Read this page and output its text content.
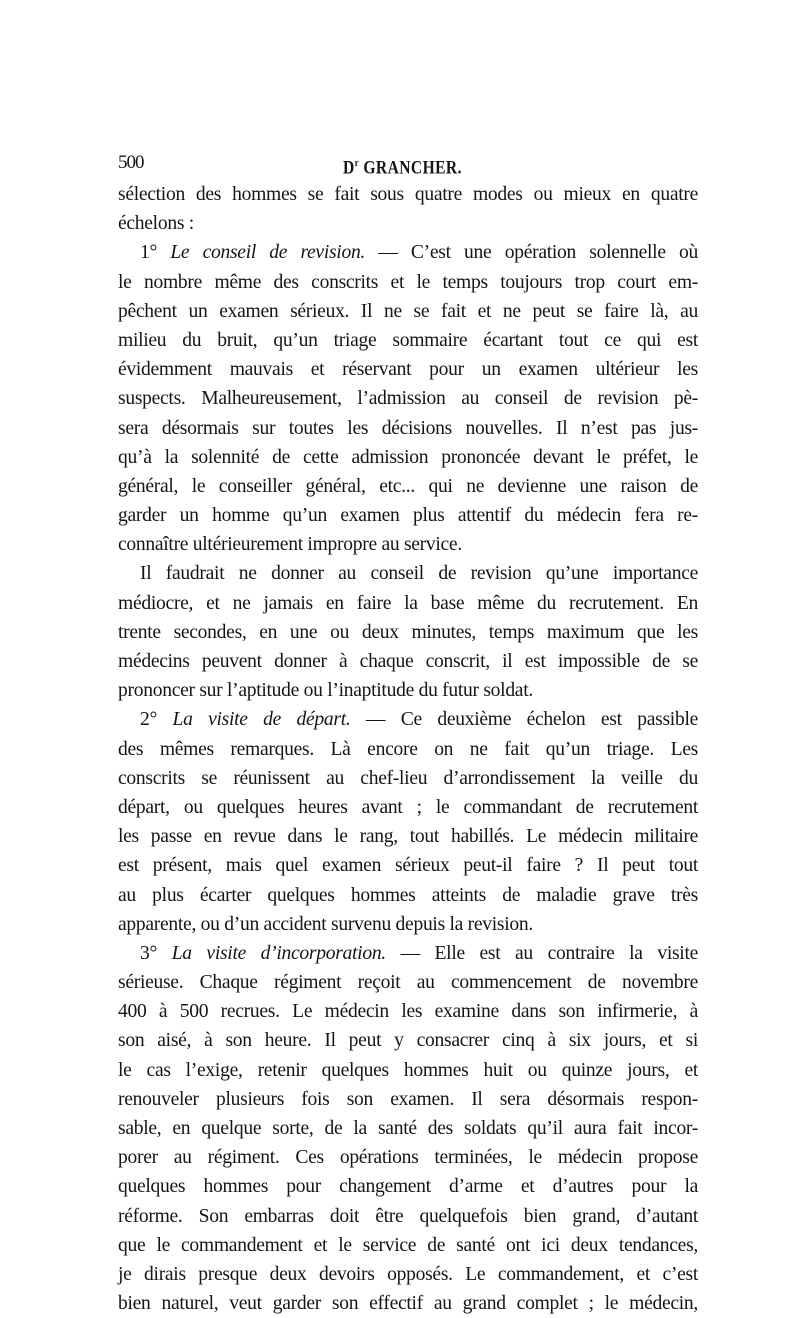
500	$D^r$ GRANCHER.
sélection des hommes se fait sous quatre modes ou mieux en quatre
échelons :
1° Le conseil de revision. — C’est une opération solennelle où
le nombre même des conscrits et le temps toujours trop court em-
pêchent un examen sérieux. Il ne se fait et ne peut se faire là, au
milieu du bruit, qu’un triage sommaire écartant tout ce qui est
évidemment mauvais et réservant pour un examen ultérieur les
suspects. Malheureusement, l’admission au conseil de revision pè-
sera désormais sur toutes les décisions nouvelles. Il n’est pas jus-
qu’à la solennité de cette admission prononcée devant le préfet, le
général, le conseiller général, etc... qui ne devienne une raison de
garder un homme qu’un examen plus attentif du médecin fera re-
connaître ultérieurement impropre au service.
Il faudrait ne donner au conseil de revision qu’une importance
médiocre, et ne jamais en faire la base même du recrutement. En
trente secondes, en une ou deux minutes, temps maximum que les
médecins peuvent donner à chaque conscrit, il est impossible de se
prononcer sur l’aptitude ou l’inaptitude du futur soldat.
2° La visite de départ. — Ce deuxième échelon est passible
des mêmes remarques. Là encore on ne fait qu’un triage. Les
conscrits se réunissent au chef-lieu d’arrondissement la veille du
départ, ou quelques heures avant ; le commandant de recrutement
les passe en revue dans le rang, tout habillés. Le médecin militaire
est présent, mais quel examen sérieux peut-il faire ? Il peut tout
au plus écarter quelques hommes atteints de maladie grave très
apparente, ou d’un accident survenu depuis la revision.
3° La visite d’incorporation. — Elle est au contraire la visite
sérieuse. Chaque régiment reçoit au commencement de novembre
400 à 500 recrues. Le médecin les examine dans son infirmerie, à
son aisé, à son heure. Il peut y consacrer cinq à six jours, et si
le cas l’exige, retenir quelques hommes huit ou quinze jours, et
renouveler plusieurs fois son examen. Il sera désormais respon-
sable, en quelque sorte, de la santé des soldats qu’il aura fait incor-
porer au régiment. Ces opérations terminées, le médecin propose
quelques hommes pour changement d’arme et d’autres pour la
réforme. Son embarras doit être quelquefois bien grand, d’autant
que le commandement et le service de santé ont ici deux tendances,
je dirais presque deux devoirs opposés. Le commandement, et c’est
bien naturel, veut garder son effectif au grand complet ; le médecin,
